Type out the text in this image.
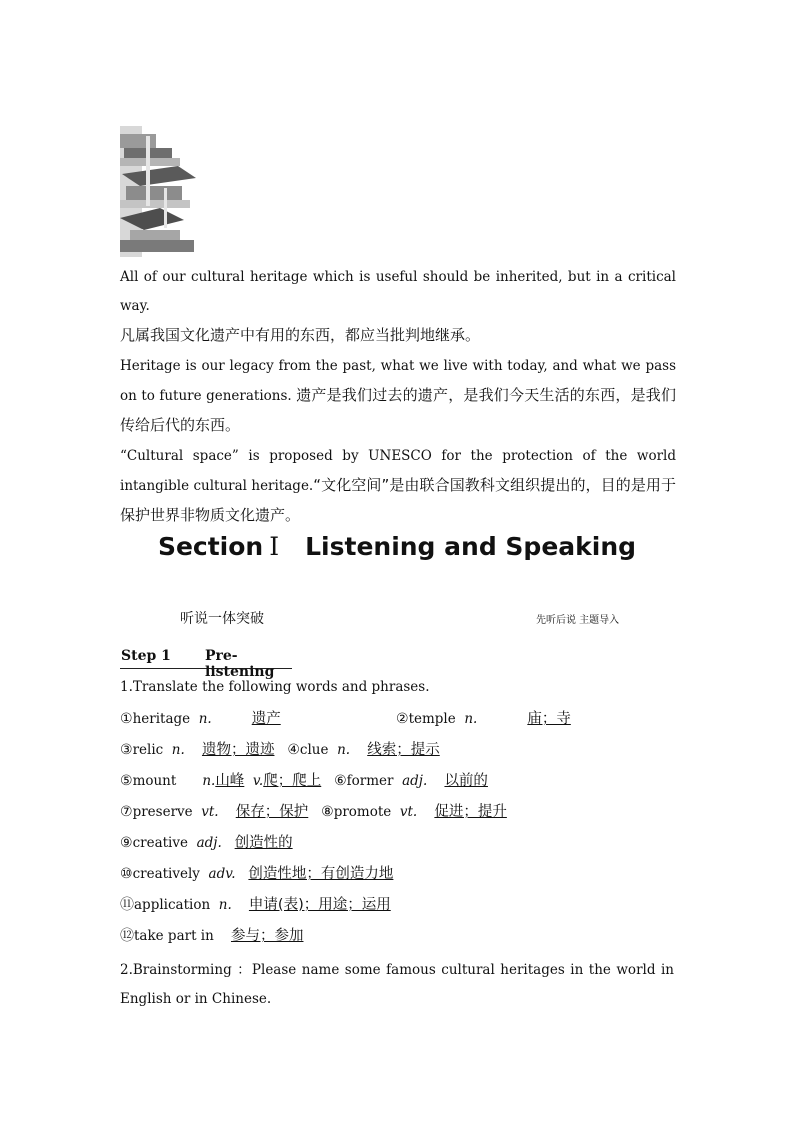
All of our cultural heritage which is useful should be inherited, but in a critical way.
凡属我国文化遗产中有用的东西，都应当批判地继承。

Heritage is our legacy from the past, what we live with today, and what we pass on to future generations. 遗产是我们过去的遗产，是我们今天生活的东西，是我们传给后代的东西。

“Cultural space” is proposed by UNESCO for the protection of the world intangible cultural heritage.“文化空间”是由联合国教科文组织提出的，目的是用于保护世界非物质文化遗产。

Section Ⅰ Listening and Speaking
听说一体突破	先听后说 主题导入
Step 1 Pre-listening
1.Translate the following words and phrases.
①heritage n.	遗产	②temple n.	庙；寺
③relic n. 遗物；遗迹 ④clue n. 线索；提示
⑤mount n.山峰 v.爬；爬上 ⑥former adj. 以前的
⑦preserve vt. 保存；保护 ⑧promote vt. 促进；提升
⑨creative adj. 创造性的
⑩creatively adv. 创造性地；有创造力地
⑪application n. 申请(表)；用途；运用
⑫take part in 参与；参加
2.Brainstorming ：Please name some famous cultural heritages in the world in English or in Chinese.
